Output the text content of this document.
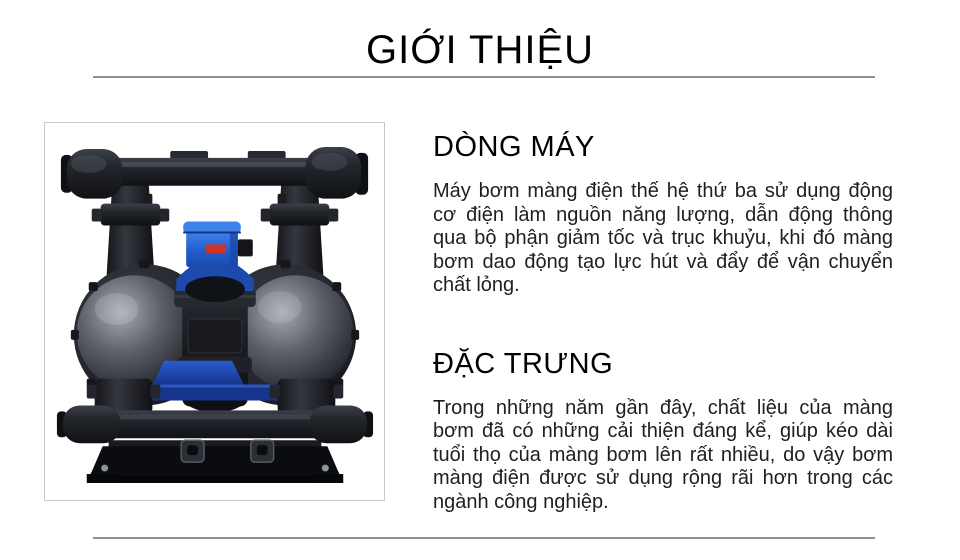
GIỚI THIỆU
DÒNG MÁY

Máy bơm màng điện thế hệ thứ ba sử dụng động cơ điện làm nguồn năng lượng, dẫn động thông qua bộ phận giảm tốc và trục khuỷu, khi đó màng bơm dao động tạo lực hút và đẩy để vận chuyển chất lỏng.

ĐẶC TRƯNG

Trong những năm gần đây, chất liệu của màng bơm đã có những cải thiện đáng kể, giúp kéo dài tuổi thọ của màng bơm lên rất nhiều, do vậy bơm màng điện được sử dụng rộng rãi hơn trong các ngành công nghiệp.
